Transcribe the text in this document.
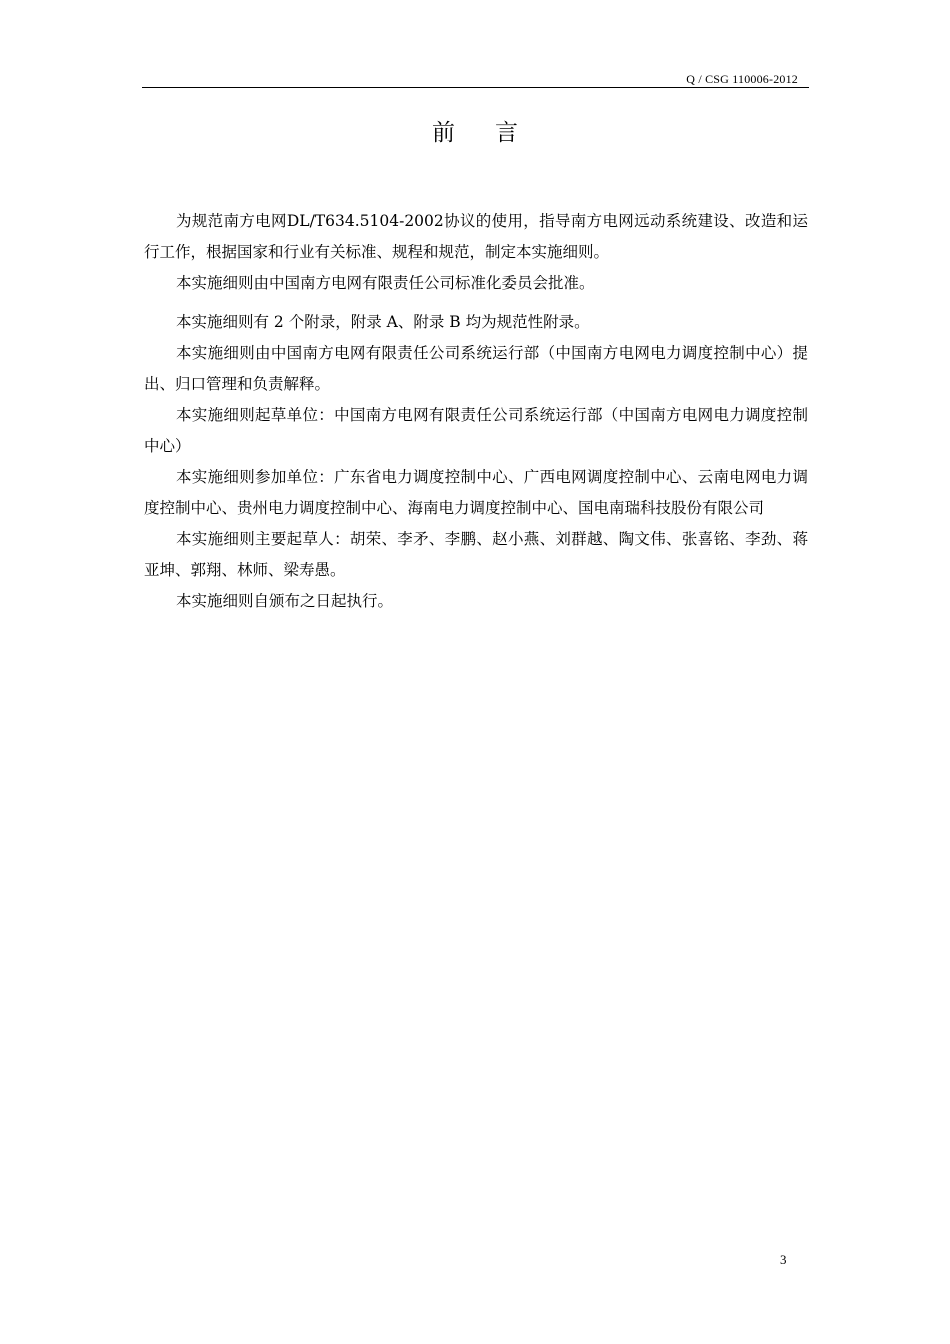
Q / CSG 110006-2012
前 言

为规范南方电网DL/T634.5104-2002协议的使用，指导南方电网远动系统建设、改造和运行工作，根据国家和行业有关标准、规程和规范，制定本实施细则。

本实施细则由中国南方电网有限责任公司标准化委员会批准。

本实施细则有 2 个附录，附录 A、附录 B 均为规范性附录。

本实施细则由中国南方电网有限责任公司系统运行部（中国南方电网电力调度控制中心）提出、归口管理和负责解释。

本实施细则起草单位：中国南方电网有限责任公司系统运行部（中国南方电网电力调度控制中心）

本实施细则参加单位：广东省电力调度控制中心、广西电网调度控制中心、云南电网电力调度控制中心、贵州电力调度控制中心、海南电力调度控制中心、国电南瑞科技股份有限公司

本实施细则主要起草人：胡荣、李矛、李鹏、赵小燕、刘群越、陶文伟、张喜铭、李劲、蒋亚坤、郭翔、林师、梁寿愚。

本实施细则自颁布之日起执行。

3
